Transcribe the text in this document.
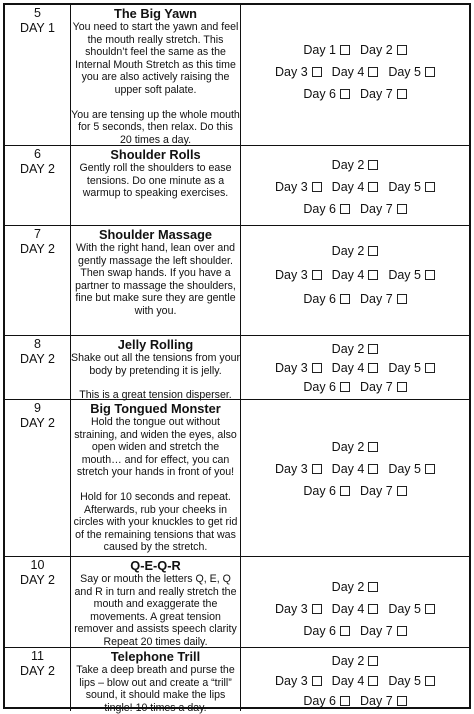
5
DAY 1
The Big Yawn

You need to start the yawn and feel the mouth really stretch. This shouldn’t feel the same as the Internal Mouth Stretch as this time you are also actively raising the upper soft palate.

You are tensing up the whole mouth for 5 seconds, then relax. Do this 20 times a day.

Day 1 Day 2
Day 3 Day 4 Day 5
Day 6 Day 7
6
DAY 2
Shoulder Rolls

Gently roll the shoulders to ease tensions. Do one minute as a warmup to speaking exercises.

Day 2
Day 3 Day 4 Day 5
Day 6 Day 7
7
DAY 2
Shoulder Massage

With the right hand, lean over and gently massage the left shoulder. Then swap hands. If you have a partner to massage the shoulders, fine but make sure they are gentle with you.

Day 2
Day 3 Day 4 Day 5
Day 6 Day 7
8
DAY 2
Jelly Rolling

Shake out all the tensions from your body by pretending it is jelly.

This is a great tension disperser.

Day 2
Day 3 Day 4 Day 5
Day 6 Day 7
9
DAY 2
Big Tongued Monster

Hold the tongue out without straining, and widen the eyes, also open widen and stretch the mouth… and for effect, you can stretch your hands in front of you!

Hold for 10 seconds and repeat. Afterwards, rub your cheeks in circles with your knuckles to get rid of the remaining tensions that was caused by the stretch.

Day 2
Day 3 Day 4 Day 5
Day 6 Day 7
10
DAY 2
Q-E-Q-R

Say or mouth the letters Q, E, Q and R in turn and really stretch the mouth and exaggerate the movements. A great tension remover and assists speech clarity Repeat 20 times daily.

Day 2
Day 3 Day 4 Day 5
Day 6 Day 7
11
DAY 2
Telephone Trill

Take a deep breath and purse the lips – blow out and create a “trill” sound, it should make the lips tingle! 10 times a day.

Day 2
Day 3 Day 4 Day 5
Day 6 Day 7
